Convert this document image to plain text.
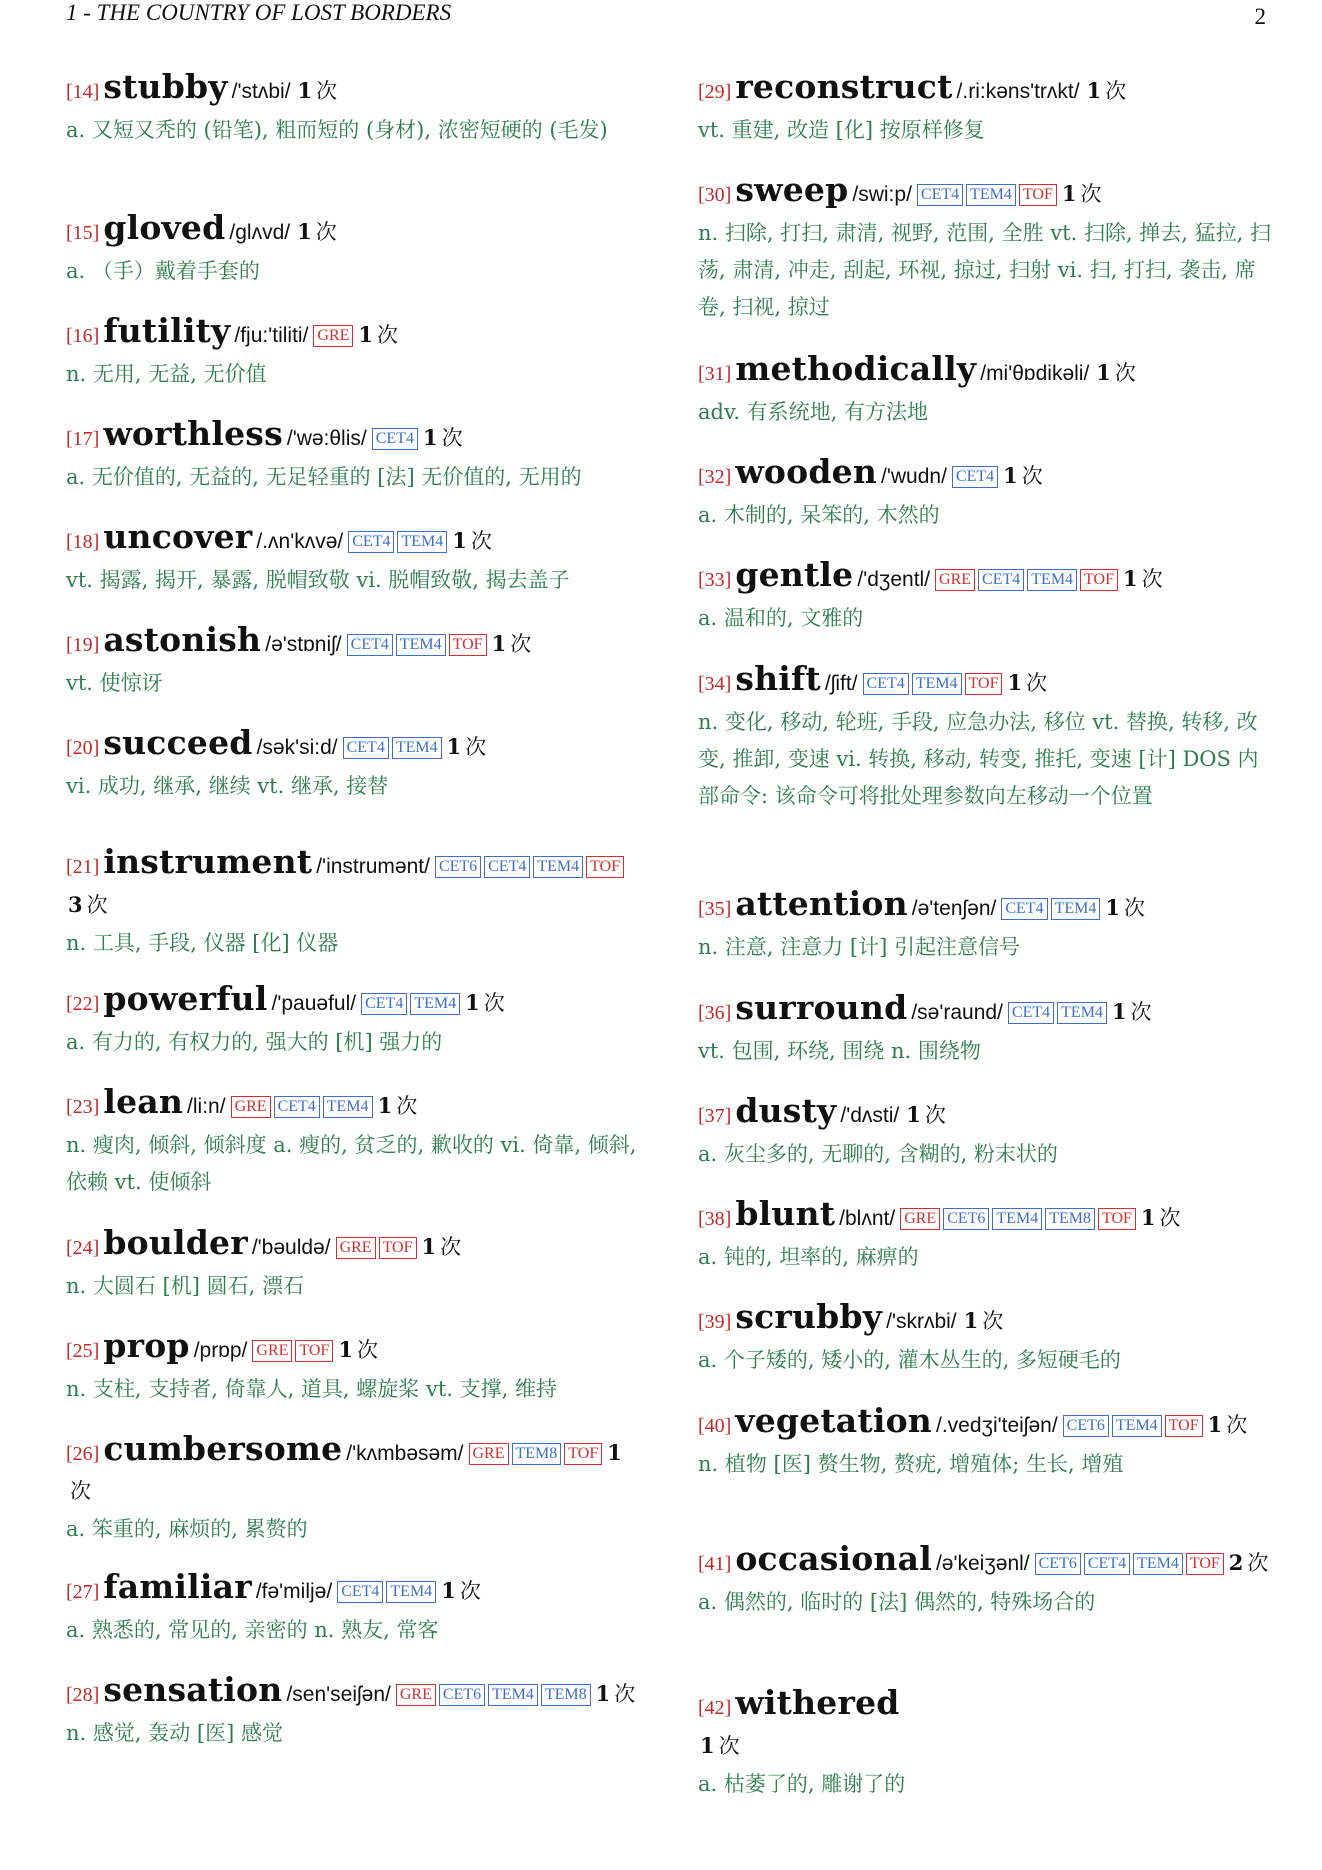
1 - THE COUNTRY OF LOST BORDERS	2
[14] stubby /'stʌbi/ 1 次
a. 又短又秃的 (铅笔), 粗而短的 (身材), 浓密短硬的 (毛发)
[15] gloved /glʌvd/ 1 次
a. （手）戴着手套的
[16] futility /fju:'tiliti/ GRE 1 次
n. 无用, 无益, 无价值
[17] worthless /'wə:θlis/ CET4 1 次
a. 无价值的, 无益的, 无足轻重的 [法] 无价值的, 无用的
[18] uncover /.ʌn'kʌvə/ CET4 TEM4 1 次
vt. 揭露, 揭开, 暴露, 脱帽致敬 vi. 脱帽致敬, 揭去盖子
[19] astonish /ə'stɒniʃ/ CET4 TEM4 TOF 1 次
vt. 使惊讶
[20] succeed /sək'si:d/ CET4 TEM4 1 次
vi. 成功, 继承, 继续 vt. 继承, 接替
[21] instrument /'instrumənt/ CET6 CET4 TEM4 TOF3 次
n. 工具, 手段, 仪器 [化] 仪器
[22] powerful /'pauəful/ CET4 TEM4 1 次
a. 有力的, 有权力的, 强大的 [机] 强力的
[23] lean /li:n/ GRE CET4 TEM4 1 次
n. 瘦肉, 倾斜, 倾斜度 a. 瘦的, 贫乏的, 歉收的 vi. 倚靠, 倾斜, 依赖 vt. 使倾斜
[24] boulder /'bəuldə/ GRE TOF 1 次
n. 大圆石 [机] 圆石, 漂石
[25] prop /prɒp/ GRE TOF 1 次
n. 支柱, 支持者, 倚靠人, 道具, 螺旋桨 vt. 支撑, 维持
[26] cumbersome /'kʌmbəsəm/ GRE TEM8 TOF 1次
a. 笨重的, 麻烦的, 累赘的
[27] familiar /fə'miljə/ CET4 TEM4 1 次
a. 熟悉的, 常见的, 亲密的 n. 熟友, 常客
[28] sensation /sen'seiʃən/ GRE CET6 TEM4 TEM8 1 次
n. 感觉, 轰动 [医] 感觉
[29] reconstruct /.ri:kəns'trʌkt/ 1 次
vt. 重建, 改造 [化] 按原样修复
[30] sweep /swi:p/ CET4 TEM4 TOF 1 次
n. 扫除, 打扫, 肃清, 视野, 范围, 全胜 vt. 扫除, 掸去, 猛拉, 扫荡, 肃清, 冲走, 刮起, 环视, 掠过, 扫射 vi. 扫, 打扫, 袭击, 席卷, 扫视, 掠过
[31] methodically /mi'θɒdikəli/ 1 次
adv. 有系统地, 有方法地
[32] wooden /'wudn/ CET4 1 次
a. 木制的, 呆笨的, 木然的
[33] gentle /'dʒentl/ GRE CET4 TEM4 TOF 1 次
a. 温和的, 文雅的
[34] shift /ʃift/ CET4 TEM4 TOF 1 次
n. 变化, 移动, 轮班, 手段, 应急办法, 移位 vt. 替换, 转移, 改变, 推卸, 变速 vi. 转换, 移动, 转变, 推托, 变速 [计] DOS 内部命令: 该命令可将批处理参数向左移动一个位置
[35] attention /ə'tenʃən/ CET4 TEM4 1 次
n. 注意, 注意力 [计] 引起注意信号
[36] surround /sə'raund/ CET4 TEM4 1 次
vt. 包围, 环绕, 围绕 n. 围绕物
[37] dusty /'dʌsti/ 1 次
a. 灰尘多的, 无聊的, 含糊的, 粉末状的
[38] blunt /blʌnt/ GRE CET6 TEM4 TEM8 TOF 1 次
a. 钝的, 坦率的, 麻痹的
[39] scrubby /'skrʌbi/ 1 次
a. 个子矮的, 矮小的, 灌木丛生的, 多短硬毛的
[40] vegetation /.vedʒi'teiʃən/ CET6 TEM4 TOF 1 次
n. 植物 [医] 赘生物, 赘疣, 增殖体; 生长, 增殖
[41] occasional /ə'keiʒənl/ CET6 CET4 TEM4 TOF 2 次
a. 偶然的, 临时的 [法] 偶然的, 特殊场合的
[42] withered
1 次
a. 枯萎了的, 雕谢了的
